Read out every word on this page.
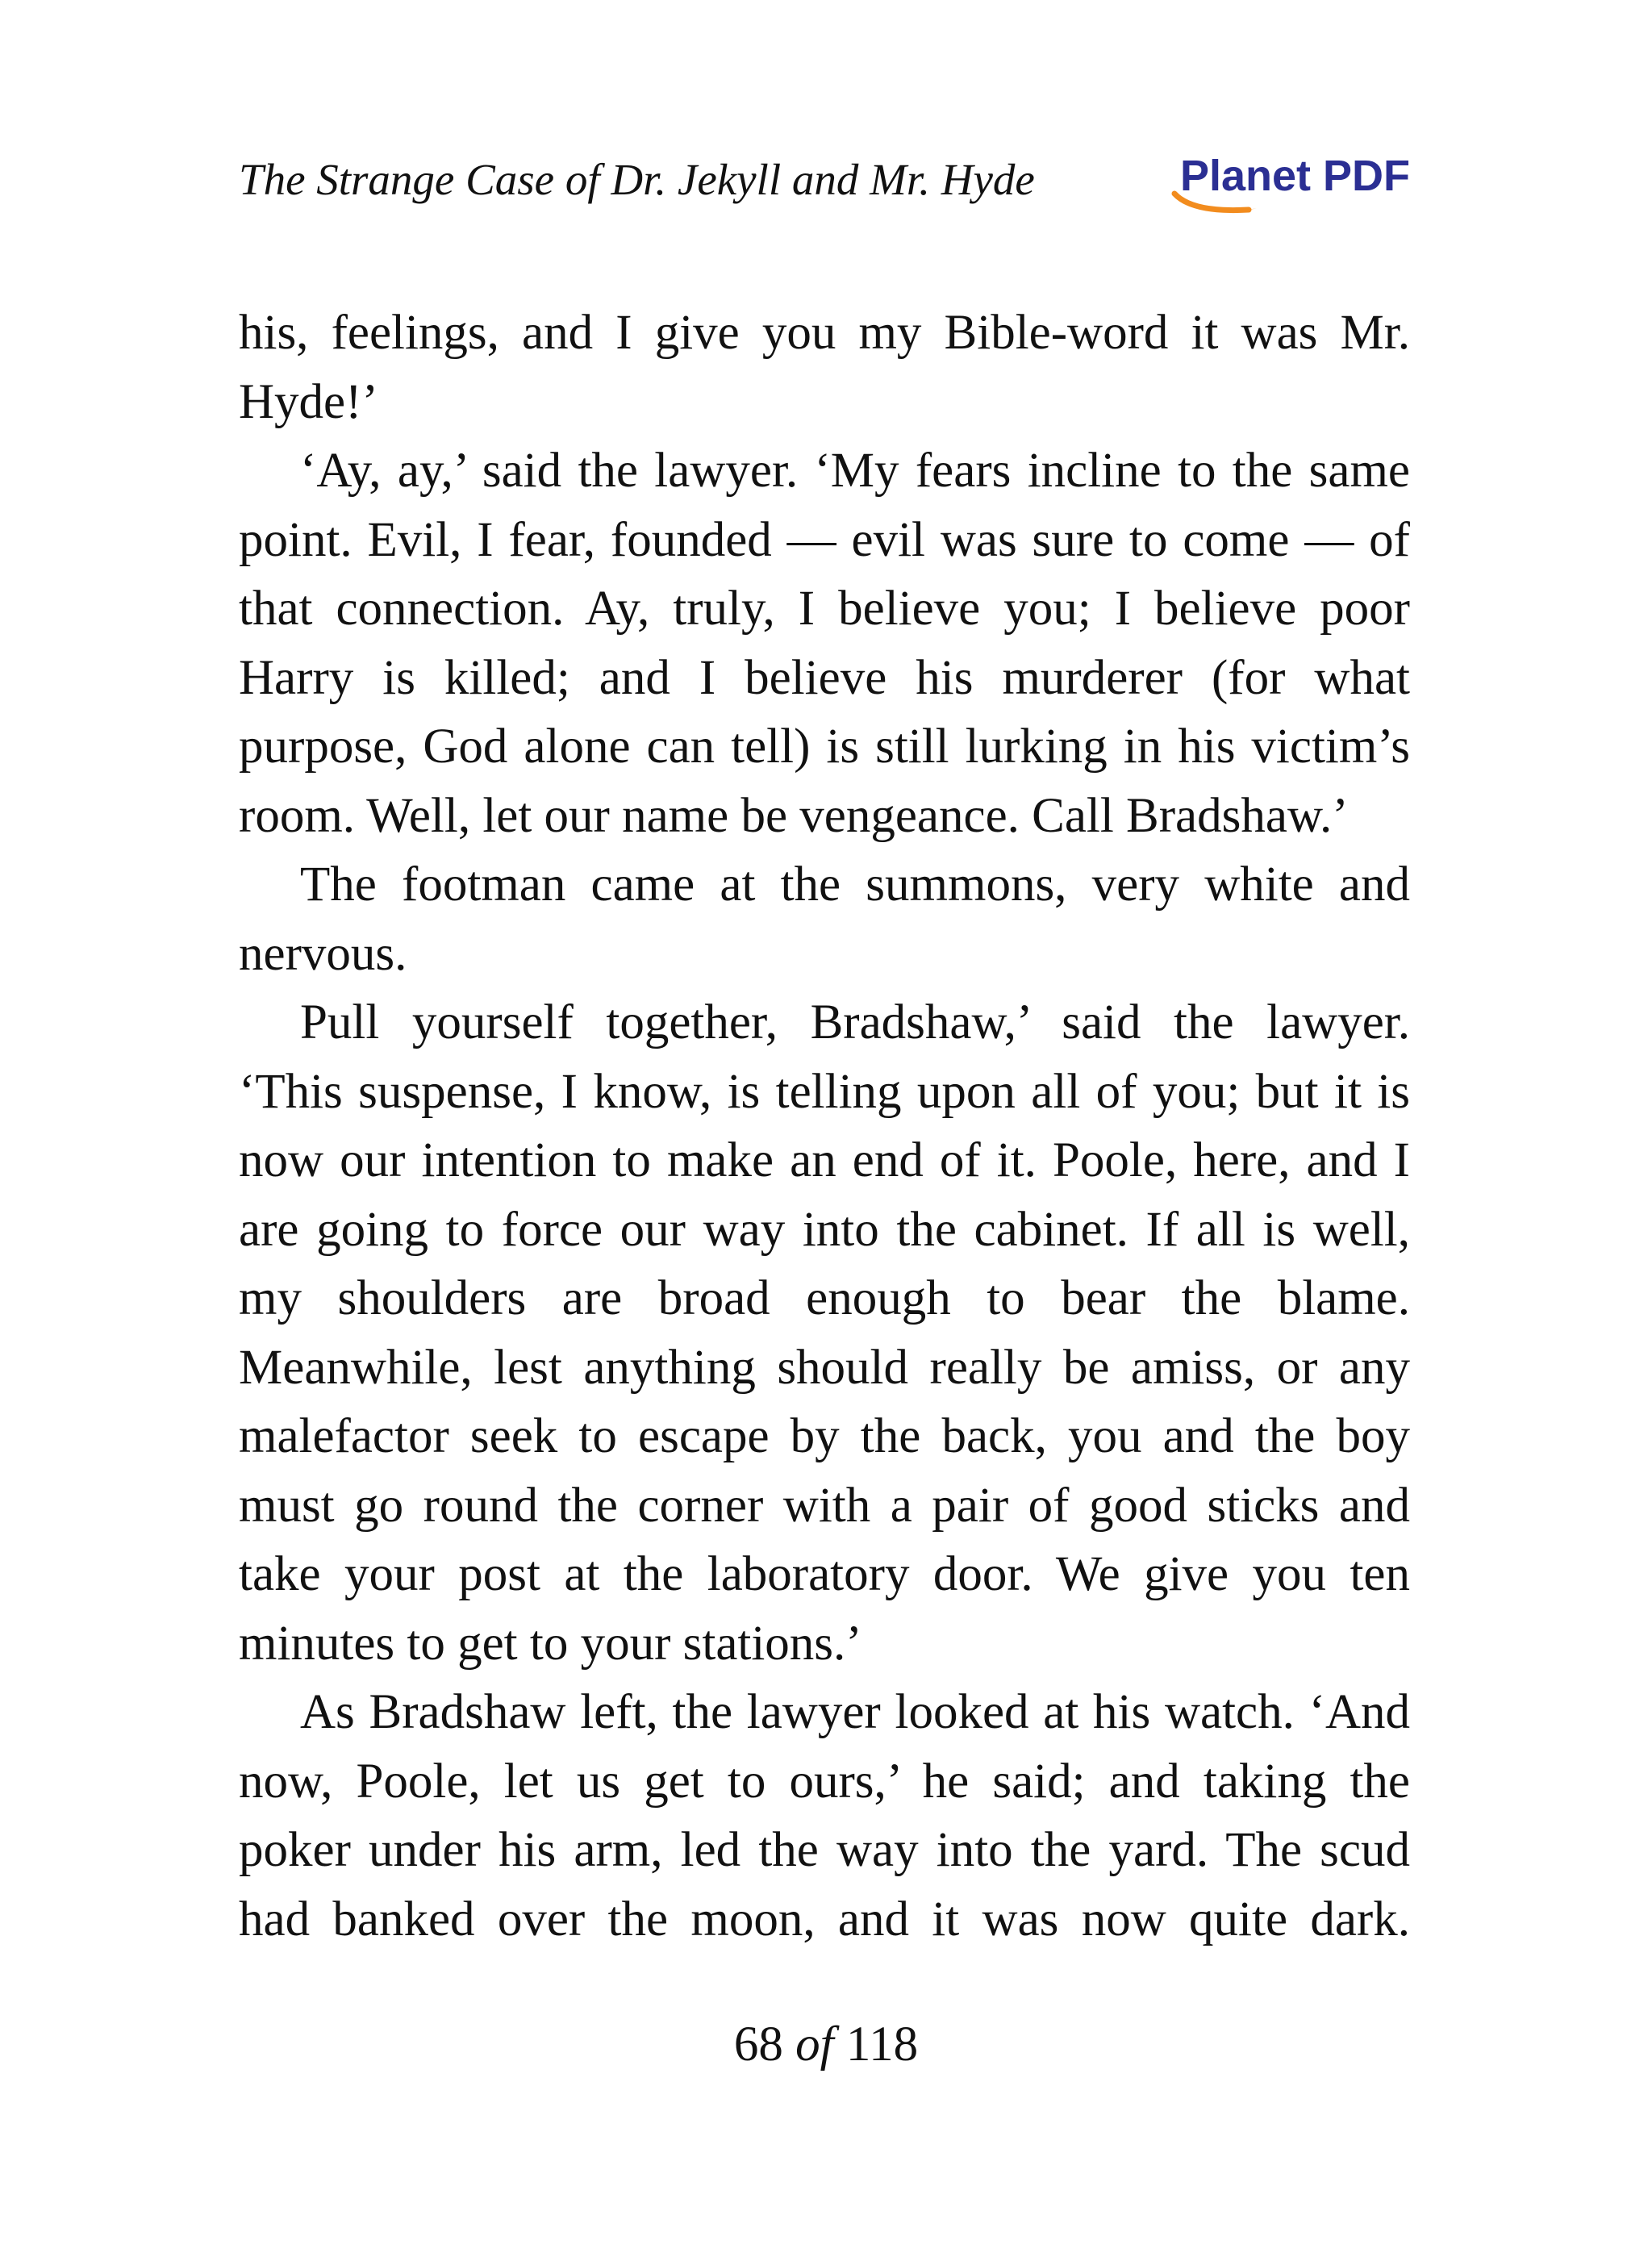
The Strange Case of Dr. Jekyll and Mr. Hyde	Planet PDF
his, feelings, and I give you my Bible-word it was Mr.
Hyde!’
‘Ay, ay,’ said the lawyer. ‘My fears incline to the same
point. Evil, I fear, founded — evil was sure to come — of
that connection. Ay, truly, I believe you; I believe poor
Harry is killed; and I believe his murderer (for what
purpose, God alone can tell) is still lurking in his victim’s
room. Well, let our name be vengeance. Call Bradshaw.’
The footman came at the summons, very white and
nervous.
Pull yourself together, Bradshaw,’ said the lawyer.
‘This suspense, I know, is telling upon all of you; but it is
now our intention to make an end of it. Poole, here, and I
are going to force our way into the cabinet. If all is well,
my shoulders are broad enough to bear the blame.
Meanwhile, lest anything should really be amiss, or any
malefactor seek to escape by the back, you and the boy
must go round the corner with a pair of good sticks and
take your post at the laboratory door. We give you ten
minutes to get to your stations.’
As Bradshaw left, the lawyer looked at his watch. ‘And
now, Poole, let us get to ours,’ he said; and taking the
poker under his arm, led the way into the yard. The scud
had banked over the moon, and it was now quite dark.
68 of 118
